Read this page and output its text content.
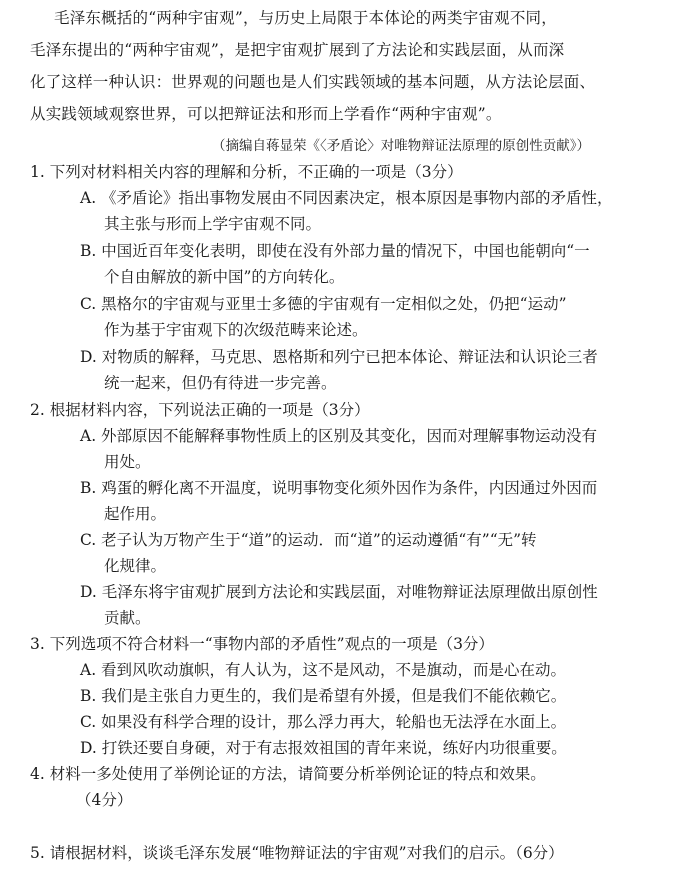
毛泽东概括的“两种宇宙观”，与历史上局限于本体论的两类宇宙观不同，
毛泽东提出的“两种宇宙观”，是把宇宙观扩展到了方法论和实践层面，从而深
化了这样一种认识：世界观的问题也是人们实践领域的基本问题，从方法论层面、
从实践领域观察世界，可以把辩证法和形而上学看作“两种宇宙观”。
（摘编自蒋显荣《〈矛盾论〉对唯物辩证法原理的原创性贡献》）
1. 下列对材料相关内容的理解和分析，不正确的一项是（3分）
A. 《矛盾论》指出事物发展由不同因素决定，根本原因是事物内部的矛盾性，
其主张与形而上学宇宙观不同。
B. 中国近百年变化表明，即使在没有外部力量的情况下，中国也能朝向“一
个自由解放的新中国”的方向转化。
C. 黑格尔的宇宙观与亚里士多德的宇宙观有一定相似之处，仍把“运动”
作为基于宇宙观下的次级范畴来论述。
D. 对物质的解释，马克思、恩格斯和列宁已把本体论、辩证法和认识论三者
统一起来，但仍有待进一步完善。
2. 根据材料内容，下列说法正确的一项是（3分）
A. 外部原因不能解释事物性质上的区别及其变化，因而对理解事物运动没有
用处。
B. 鸡蛋的孵化离不开温度，说明事物变化须外因作为条件，内因通过外因而
起作用。
C. 老子认为万物产生于“道”的运动．而“道”的运动遵循“有”“无”转
化规律。
D. 毛泽东将宇宙观扩展到方法论和实践层面，对唯物辩证法原理做出原创性
贡献。
3. 下列选项不符合材料一“事物内部的矛盾性”观点的一项是（3分）
A. 看到风吹动旗帜，有人认为，这不是风动，不是旗动，而是心在动。
B. 我们是主张自力更生的，我们是希望有外援，但是我们不能依赖它。
C. 如果没有科学合理的设计，那么浮力再大，轮船也无法浮在水面上。
D. 打铁还要自身硬，对于有志报效祖国的青年来说，练好内功很重要。
4. 材料一多处使用了举例论证的方法，请简要分析举例论证的特点和效果。
（4分）
5. 请根据材料，谈谈毛泽东发展“唯物辩证法的宇宙观”对我们的启示。（6分）
